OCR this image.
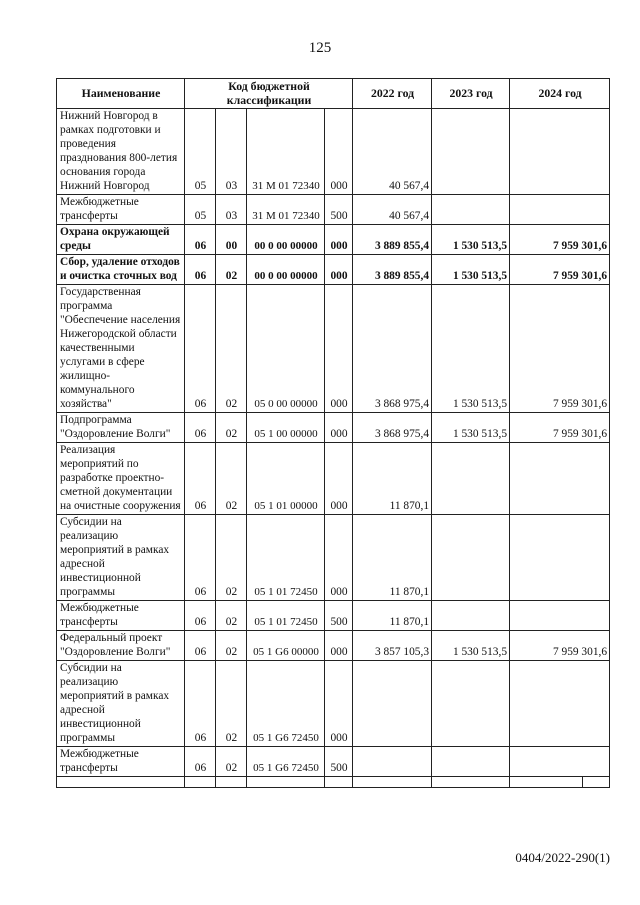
125
Наименование	Код бюджетной классификации				2022 год	2023 год	2024 год	
Нижний Новгород в рамках подготовки и проведения празднования 800-летия основания города Нижний Новгород	05	03	31 М 01 72340	000	40 567,4			
Межбюджетные трансферты	05	03	31 М 01 72340	500	40 567,4			
Охрана окружающей среды	06	00	00 0 00 00000	000	3 889 855,4	1 530 513,5	7 959 301,6	
Сбор, удаление отходов и очистка сточных вод	06	02	00 0 00 00000	000	3 889 855,4	1 530 513,5	7 959 301,6	
Государственная программа "Обеспечение населения Нижегородской области качественными услугами в сфере жилищно-коммунального хозяйства"	06	02	05 0 00 00000	000	3 868 975,4	1 530 513,5	7 959 301,6	
Подпрограмма "Оздоровление Волги"	06	02	05 1 00 00000	000	3 868 975,4	1 530 513,5	7 959 301,6	
Реализация мероприятий по разработке проектно-сметной документации на очистные сооружения	06	02	05 1 01 00000	000	11 870,1			
Субсидии на реализацию мероприятий в рамках адресной инвестиционной программы	06	02	05 1 01 72450	000	11 870,1			
Межбюджетные трансферты	06	02	05 1 01 72450	500	11 870,1			
Федеральный проект "Оздоровление Волги"	06	02	05 1 G6 00000	000	3 857 105,3	1 530 513,5	7 959 301,6	
Субсидии на реализацию мероприятий в рамках адресной инвестиционной программы	06	02	05 1 G6 72450	000				
Межбюджетные трансферты	06	02	05 1 G6 72450	500				

0404/2022-290(1)
